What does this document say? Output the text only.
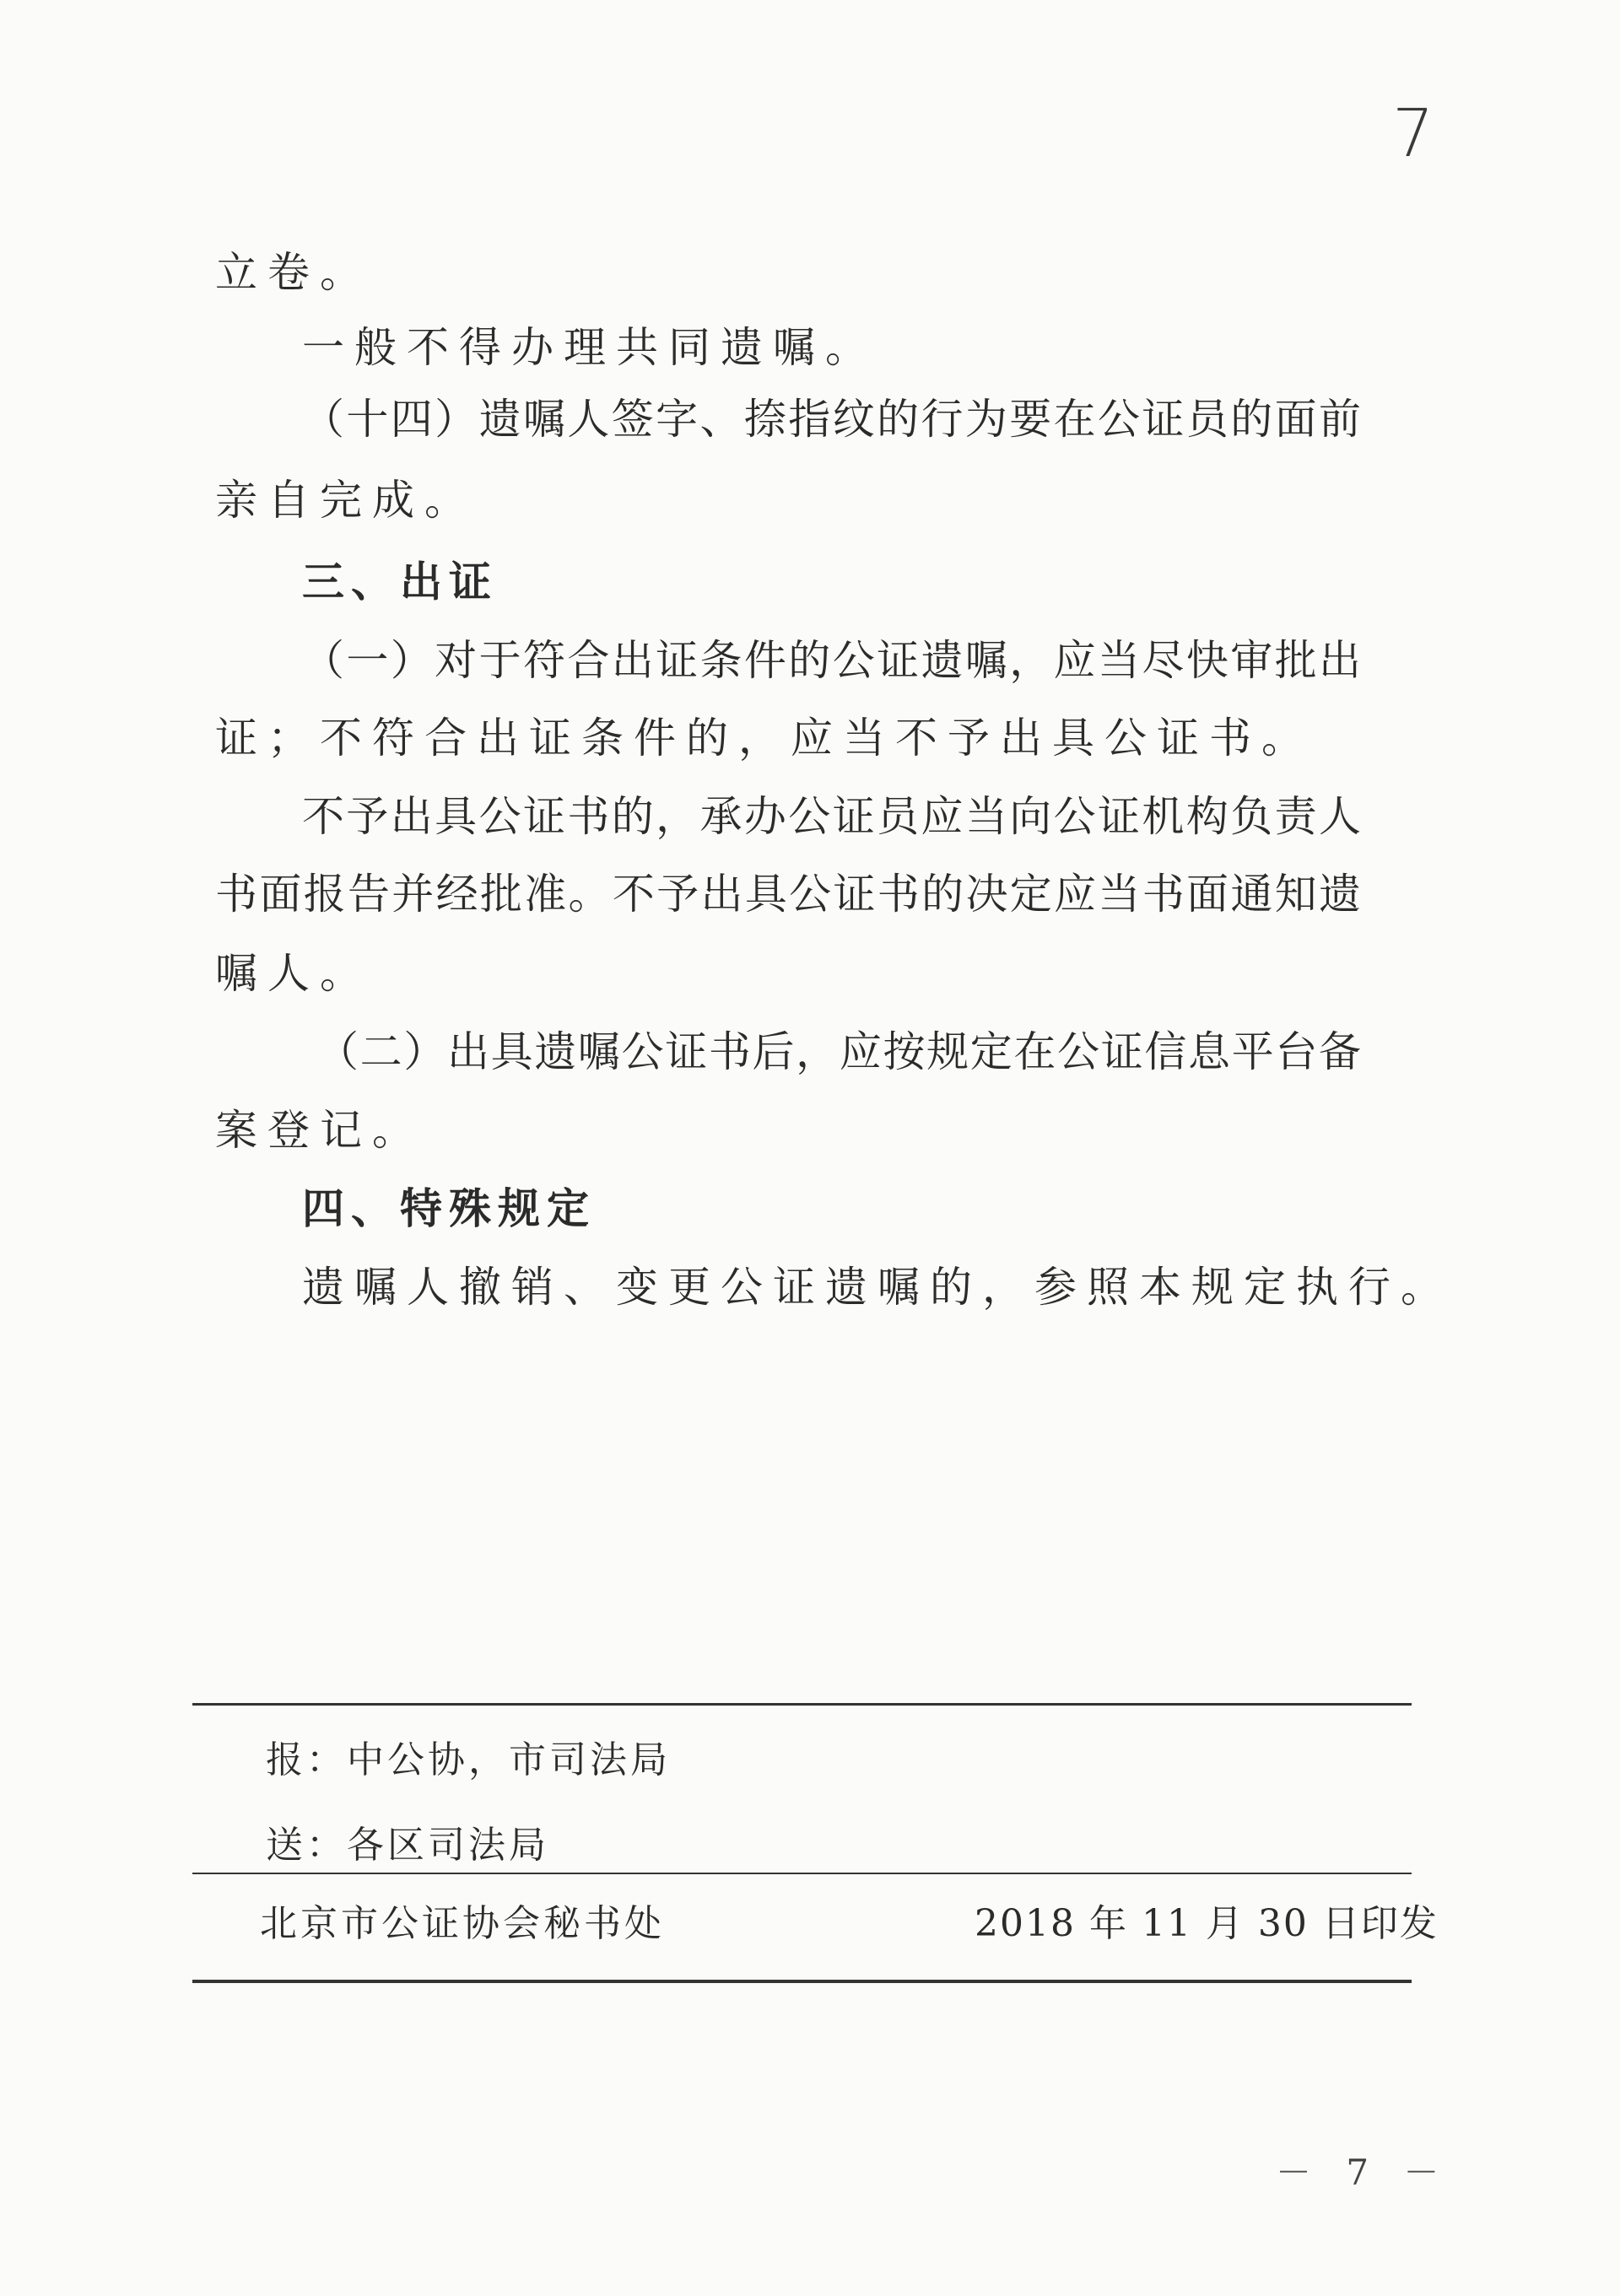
7
立卷。
一般不得办理共同遗嘱。
（十四）遗嘱人签字、捺指纹的行为要在公证员的面前
亲自完成。
三、出证
（一）对于符合出证条件的公证遗嘱，应当尽快审批出
证；不符合出证条件的，应当不予出具公证书。
不予出具公证书的，承办公证员应当向公证机构负责人
书面报告并经批准。不予出具公证书的决定应当书面通知遗
嘱人。
（二）出具遗嘱公证书后，应按规定在公证信息平台备
案登记。
四、特殊规定
遗嘱人撤销、变更公证遗嘱的，参照本规定执行。
报：中公协，市司法局
送：各区司法局
北京市公证协会秘书处	2018 年 11 月 30 日印发
－ 7 －
